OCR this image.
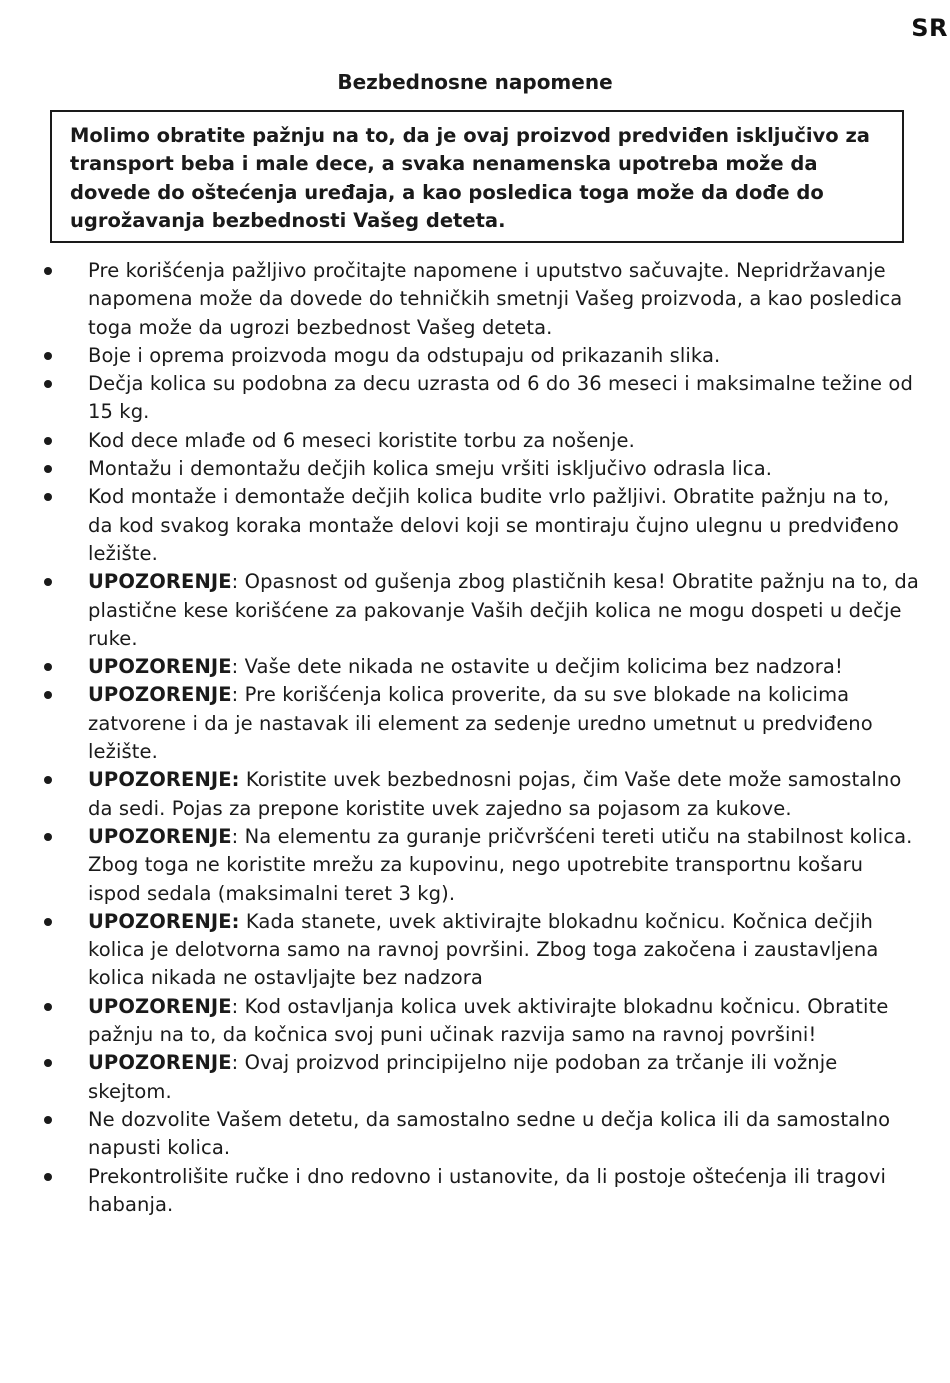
SR
Bezbednosne napomene

Molimo obratite pažnju na to, da je ovaj proizvod predviđen isključivo za transport beba i male dece, a svaka nenamenska upotreba može da dovede do oštećenja uređaja, a kao posledica toga može da dođe do ugrožavanja bezbednosti Vašeg deteta.

Pre korišćenja pažljivo pročitajte napomene i uputstvo sačuvajte. Nepridržavanje napomena može da dovede do tehničkih smetnji Vašeg proizvoda, a kao posledica toga može da ugrozi bezbednost Vašeg deteta.
Boje i oprema proizvoda mogu da odstupaju od prikazanih slika.
Dečja kolica su podobna za decu uzrasta od 6 do 36 meseci i maksimalne težine od 15 kg.
Kod dece mlađe od 6 meseci koristite torbu za nošenje.
Montažu i demontažu dečjih kolica smeju vršiti isključivo odrasla lica.
Kod montaže i demontaže dečjih kolica budite vrlo pažljivi. Obratite pažnju na to, da kod svakog koraka montaže delovi koji se montiraju čujno ulegnu u predviđeno ležište.
UPOZORENJE: Opasnost od gušenja zbog plastičnih kesa! Obratite pažnju na to, da plastične kese korišćene za pakovanje Vaših dečjih kolica ne mogu dospeti u dečje ruke.
UPOZORENJE: Vaše dete nikada ne ostavite u dečjim kolicima bez nadzora!
UPOZORENJE: Pre korišćenja kolica proverite, da su sve blokade na kolicima zatvorene i da je nastavak ili element za sedenje uredno umetnut u predviđeno ležište.
UPOZORENJE: Koristite uvek bezbednosni pojas, čim Vaše dete može samostalno da sedi. Pojas za prepone koristite uvek zajedno sa pojasom za kukove.
UPOZORENJE: Na elementu za guranje pričvršćeni tereti utiču na stabilnost kolica. Zbog toga ne koristite mrežu za kupovinu, nego upotrebite transportnu košaru ispod sedala (maksimalni teret 3 kg).
UPOZORENJE: Kada stanete, uvek aktivirajte blokadnu kočnicu. Kočnica dečjih kolica je delotvorna samo na ravnoj površini. Zbog toga zakočena i zaustavljena kolica nikada ne ostavljajte bez nadzora
UPOZORENJE: Kod ostavljanja kolica uvek aktivirajte blokadnu kočnicu. Obratite pažnju na to, da kočnica svoj puni učinak razvija samo na ravnoj površini!
UPOZORENJE: Ovaj proizvod principijelno nije podoban za trčanje ili vožnje skejtom.
Ne dozvolite Vašem detetu, da samostalno sedne u dečja kolica ili da samostalno napusti kolica.
Prekontrolišite ručke i dno redovno i ustanovite, da li postoje oštećenja ili tragovi habanja.
